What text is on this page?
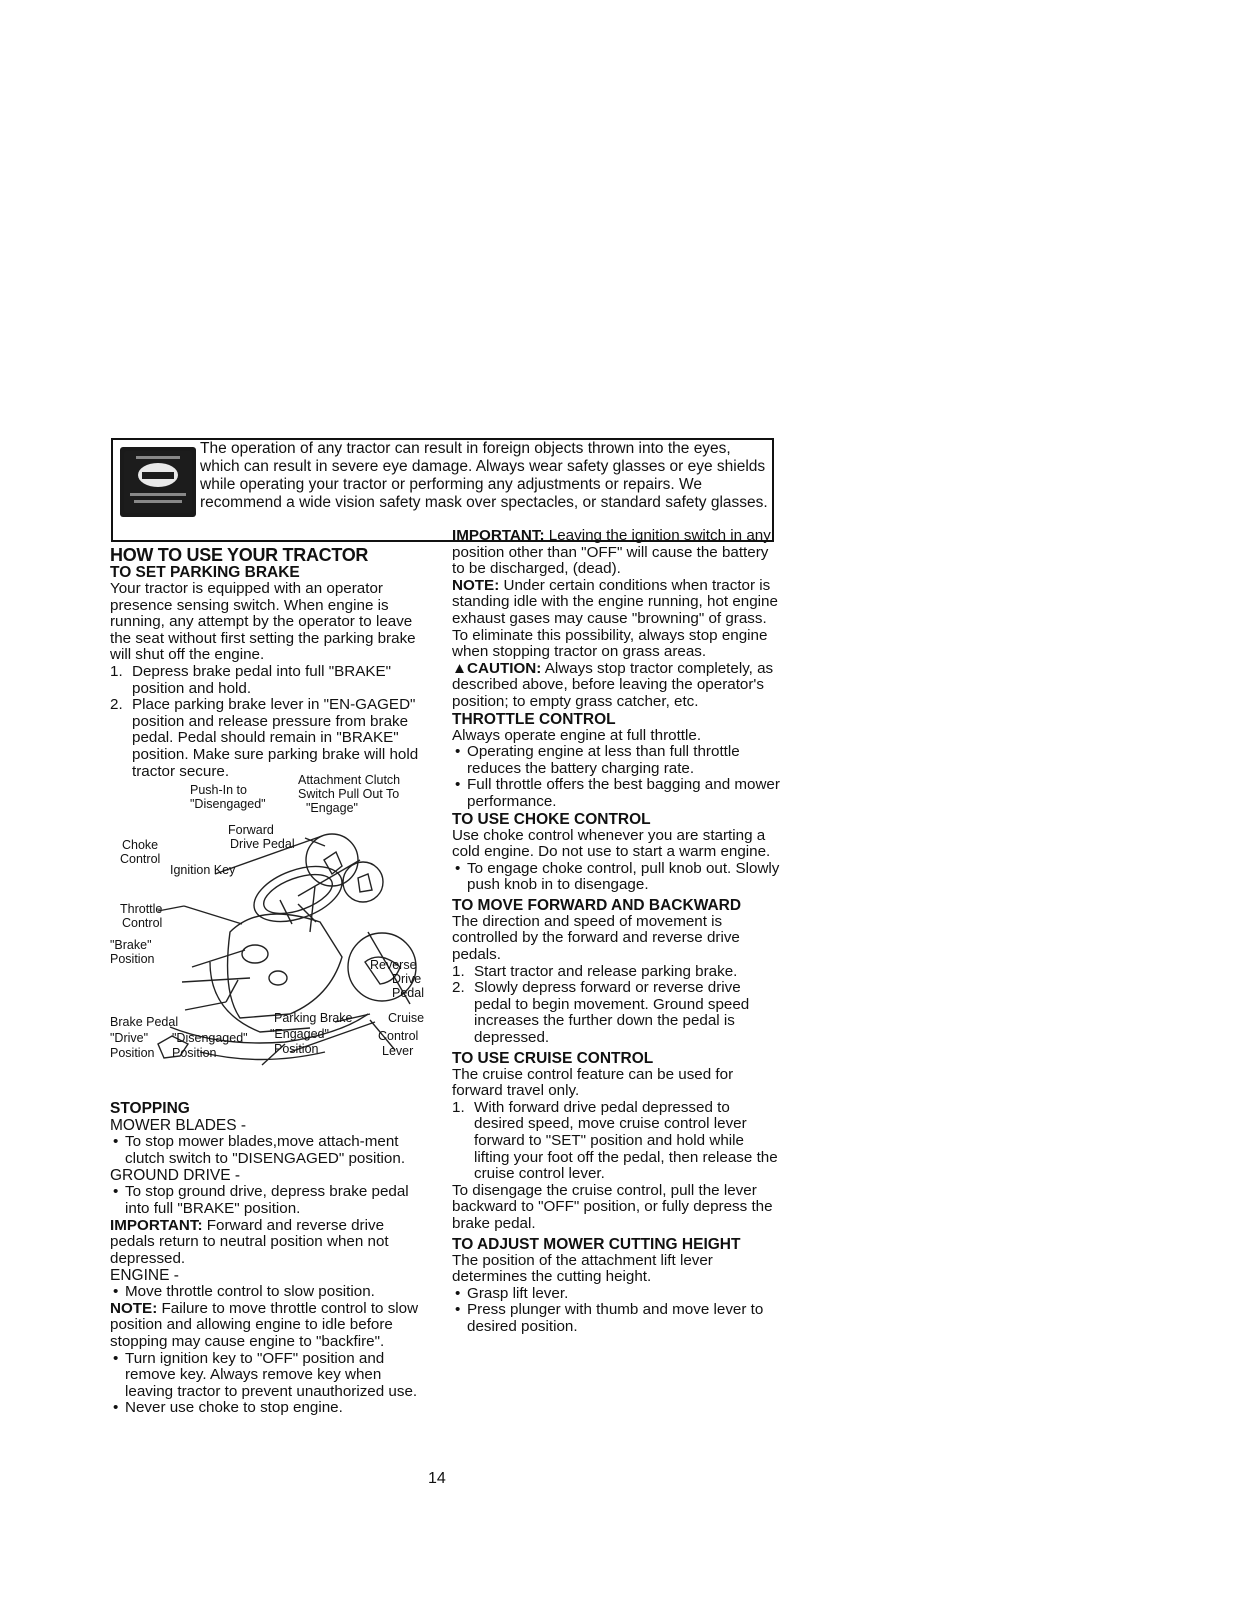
The operation of any tractor can result in foreign objects thrown into the eyes, which can result in severe eye damage. Always wear safety glasses or eye shields while operating your tractor or performing any adjustments or repairs. We recommend a wide vision safety mask over spectacles, or standard safety glasses.
HOW TO USE YOUR TRACTOR
TO SET PARKING BRAKE

Your tractor is equipped with an operator presence sensing switch. When engine is running, any attempt by the operator to leave the seat without first setting the parking brake will shut off the engine.

1. Depress brake pedal into full "BRAKE" position and hold.
2. Place parking brake lever in "EN-GAGED" position and release pressure from brake pedal. Pedal should remain in "BRAKE" position. Make sure parking brake will hold tractor secure.
Push-In to
"Disengaged"
Attachment Clutch
Switch Pull Out To
"Engage"
Forward
Drive Pedal
Choke
Control
Ignition Key
Throttle
Control
"Brake"
Position	Reverse
Drive
Pedal
Brake Pedal	Parking Brake	Cruise
Control
Lever
"Drive"
Position
"Disengaged"
Position
"Engaged"
Position
STOPPING
MOWER BLADES -
• To stop mower blades,move attach-ment clutch switch to "DISENGAGED" position.
GROUND DRIVE -
• To stop ground drive, depress brake pedal into full "BRAKE" position.

IMPORTANT: Forward and reverse drive pedals return to neutral position when not depressed.

ENGINE -
• Move throttle control to slow position.

NOTE: Failure to move throttle control to slow position and allowing engine to idle before stopping may cause engine to "backfire".

• Turn ignition key to "OFF" position and remove key. Always remove key when leaving tractor to prevent unauthorized use.
• Never use choke to stop engine.

IMPORTANT: Leaving the ignition switch in any position other than "OFF" will cause the battery to be discharged, (dead).

NOTE: Under certain conditions when tractor is standing idle with the engine running, hot engine exhaust gases may cause "browning" of grass. To eliminate this possibility, always stop engine when stopping tractor on grass areas.

▲CAUTION: Always stop tractor completely, as described above, before leaving the operator's position; to empty grass catcher, etc.

THROTTLE CONTROL

Always operate engine at full throttle.

• Operating engine at less than full throttle reduces the battery charging rate.
• Full throttle offers the best bagging and mower performance.
TO USE CHOKE CONTROL

Use choke control whenever you are starting a cold engine. Do not use to start a warm engine.

• To engage choke control, pull knob out. Slowly push knob in to disengage.
TO MOVE FORWARD AND BACKWARD

The direction and speed of movement is controlled by the forward and reverse drive pedals.

1. Start tractor and release parking brake.
2. Slowly depress forward or reverse drive pedal to begin movement. Ground speed increases the further down the pedal is depressed.
TO USE CRUISE CONTROL

The cruise control feature can be used for forward travel only.

1. With forward drive pedal depressed to desired speed, move cruise control lever forward to "SET" position and hold while lifting your foot off the pedal, then release the cruise control lever.

To disengage the cruise control, pull the lever backward to "OFF" position, or fully depress the brake pedal.

TO ADJUST MOWER CUTTING HEIGHT

The position of the attachment lift lever determines the cutting height.

• Grasp lift lever.
• Press plunger with thumb and move lever to desired position.
14
